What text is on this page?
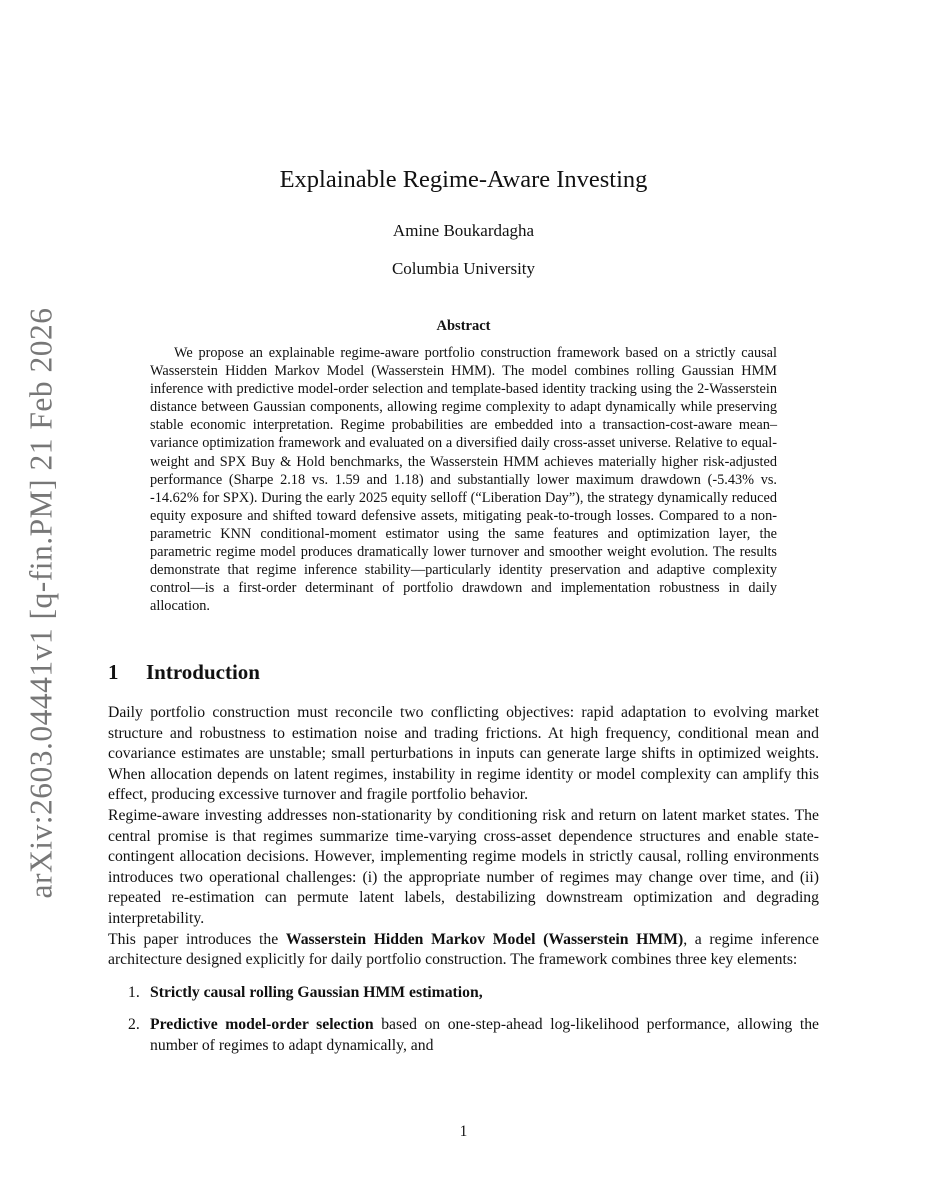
arXiv:2603.04441v1 [q-fin.PM] 21 Feb 2026
Explainable Regime-Aware Investing
Amine Boukardagha
Columbia University
Abstract

We propose an explainable regime-aware portfolio construction framework based on a strictly causal Wasserstein Hidden Markov Model (Wasserstein HMM). The model combines rolling Gaussian HMM inference with predictive model-order selection and template-based identity tracking using the 2-Wasserstein distance between Gaussian components, allowing regime complexity to adapt dynamically while preserving stable economic interpretation. Regime probabilities are embedded into a transaction-cost-aware mean–variance optimization framework and evaluated on a diversified daily cross-asset universe. Relative to equal-weight and SPX Buy & Hold benchmarks, the Wasserstein HMM achieves materially higher risk-adjusted performance (Sharpe 2.18 vs. 1.59 and 1.18) and substantially lower maximum drawdown (-5.43% vs. -14.62% for SPX). During the early 2025 equity selloff (“Liberation Day”), the strategy dynamically reduced equity exposure and shifted toward defensive assets, mitigating peak-to-trough losses. Compared to a non-parametric KNN conditional-moment estimator using the same features and optimization layer, the parametric regime model produces dramatically lower turnover and smoother weight evolution. The results demonstrate that regime inference stability—particularly identity preservation and adaptive complexity control—is a first-order determinant of portfolio drawdown and implementation robustness in daily allocation.

1 Introduction

Daily portfolio construction must reconcile two conflicting objectives: rapid adaptation to evolving market structure and robustness to estimation noise and trading frictions. At high frequency, conditional mean and covariance estimates are unstable; small perturbations in inputs can generate large shifts in optimized weights. When allocation depends on latent regimes, instability in regime identity or model complexity can amplify this effect, producing excessive turnover and fragile portfolio behavior.

Regime-aware investing addresses non-stationarity by conditioning risk and return on latent market states. The central promise is that regimes summarize time-varying cross-asset dependence structures and enable state-contingent allocation decisions. However, implementing regime models in strictly causal, rolling environments introduces two operational challenges: (i) the appropriate number of regimes may change over time, and (ii) repeated re-estimation can permute latent labels, destabilizing downstream optimization and degrading interpretability.

This paper introduces the Wasserstein Hidden Markov Model (Wasserstein HMM), a regime inference architecture designed explicitly for daily portfolio construction. The framework combines three key elements:

1. Strictly causal rolling Gaussian HMM estimation,
2. Predictive model-order selection based on one-step-ahead log-likelihood performance, allowing the number of regimes to adapt dynamically, and
1
